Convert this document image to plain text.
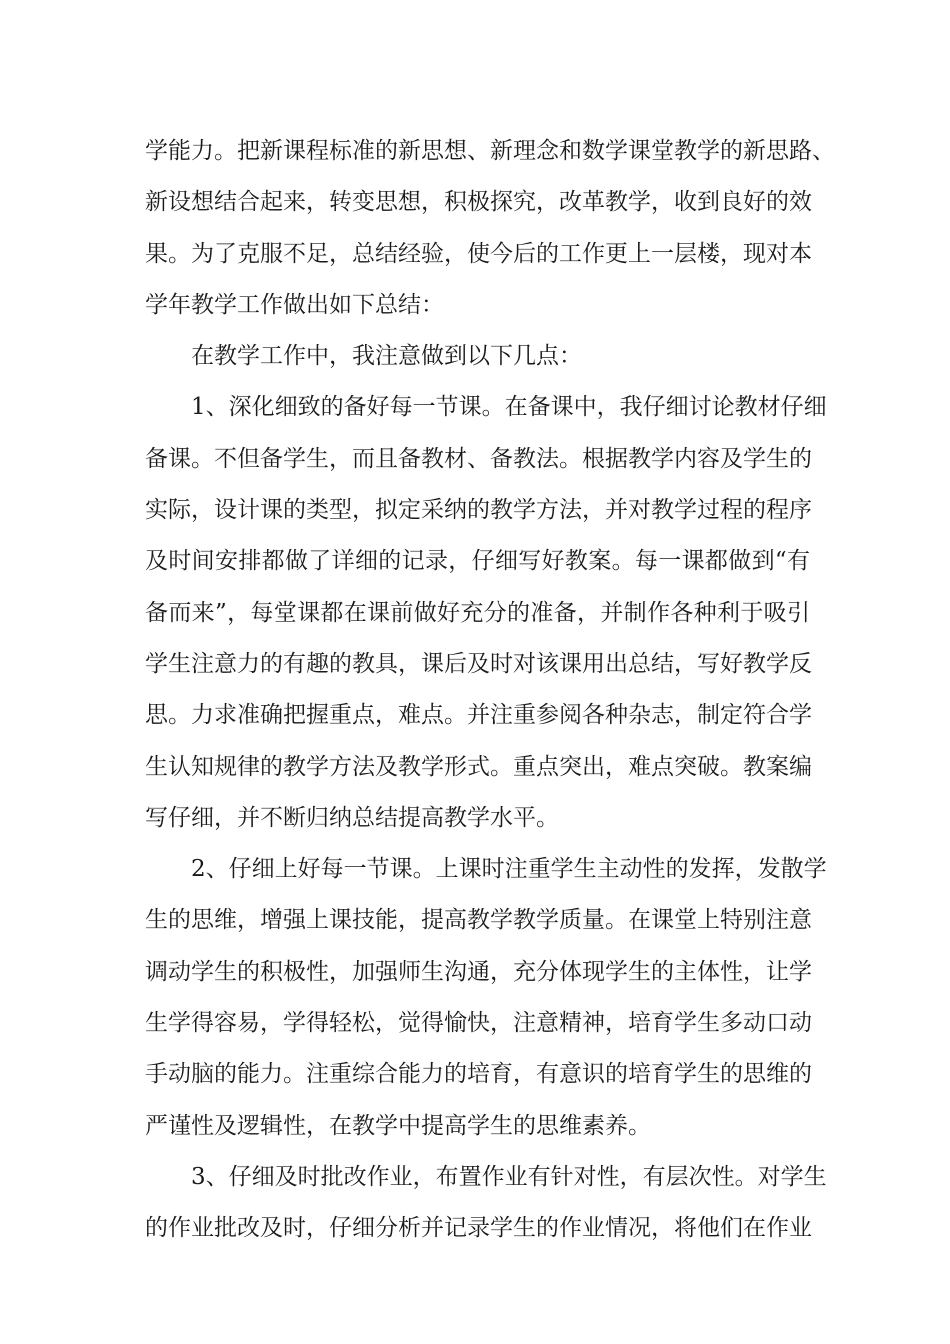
学能力。把新课程标准的新思想、新理念和数学课堂教学的新思路、
新设想结合起来，转变思想，积极探究，改革教学，收到良好的效
果。为了克服不足，总结经验，使今后的工作更上一层楼，现对本
学年教学工作做出如下总结：
在教学工作中，我注意做到以下几点：
1、深化细致的备好每一节课。在备课中，我仔细讨论教材仔细
备课。不但备学生，而且备教材、备教法。根据教学内容及学生的
实际，设计课的类型，拟定采纳的教学方法，并对教学过程的程序
及时间安排都做了详细的记录，仔细写好教案。每一课都做到“有
备而来”，每堂课都在课前做好充分的准备，并制作各种利于吸引
学生注意力的有趣的教具，课后及时对该课用出总结，写好教学反
思。力求准确把握重点，难点。并注重参阅各种杂志，制定符合学
生认知规律的教学方法及教学形式。重点突出，难点突破。教案编
写仔细，并不断归纳总结提高教学水平。
2、仔细上好每一节课。上课时注重学生主动性的发挥，发散学
生的思维，增强上课技能，提高教学教学质量。在课堂上特别注意
调动学生的积极性，加强师生沟通，充分体现学生的主体性，让学
生学得容易，学得轻松，觉得愉快，注意精神，培育学生多动口动
手动脑的能力。注重综合能力的培育，有意识的培育学生的思维的
严谨性及逻辑性，在教学中提高学生的思维素养。
3、仔细及时批改作业，布置作业有针对性，有层次性。对学生
的作业批改及时，仔细分析并记录学生的作业情况，将他们在作业
